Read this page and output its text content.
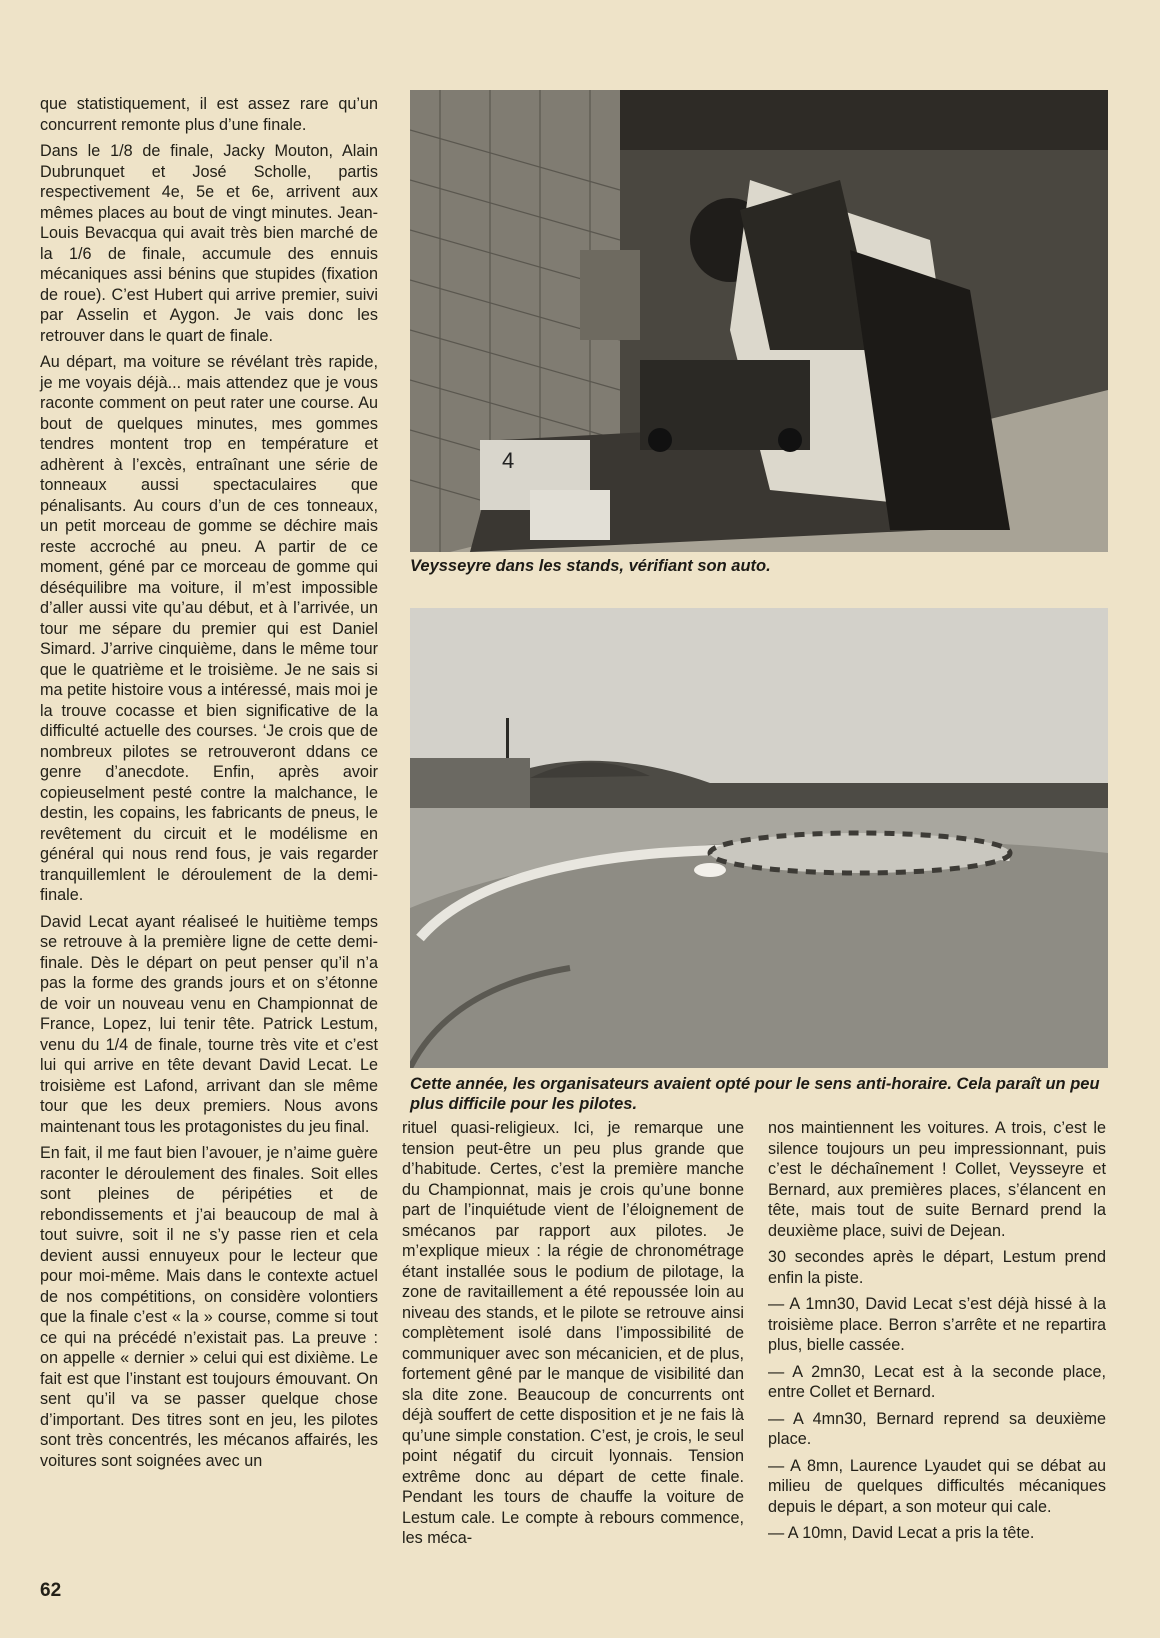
que statistiquement, il est assez rare qu’un concurrent remonte plus d’une finale.

Dans le 1/8 de finale, Jacky Mouton, Alain Dubrunquet et José Scholle, partis respectivement 4e, 5e et 6e, arrivent aux mêmes places au bout de vingt minutes. Jean-Louis Bevacqua qui avait très bien marché de la 1/6 de finale, accumule des ennuis mécaniques assi bénins que stupides (fixation de roue). C’est Hubert qui arrive premier, suivi par Asselin et Aygon. Je vais donc les retrouver dans le quart de finale.

Au départ, ma voiture se révélant très rapide, je me voyais déjà... mais attendez que je vous raconte comment on peut rater une course. Au bout de quelques minutes, mes gommes tendres montent trop en température et adhèrent à l’excès, entraînant une série de tonneaux aussi spectaculaires que pénalisants. Au cours d’un de ces tonneaux, un petit morceau de gomme se déchire mais reste accroché au pneu. A partir de ce moment, géné par ce morceau de gomme qui déséquilibre ma voiture, il m’est impossible d’aller aussi vite qu’au début, et à l’arrivée, un tour me sépare du premier qui est Daniel Simard. J’arrive cinquième, dans le même tour que le quatrième et le troisième. Je ne sais si ma petite histoire vous a intéressé, mais moi je la trouve cocasse et bien significative de la difficulté actuelle des courses. ‘Je crois que de nombreux pilotes se retrouveront ddans ce genre d’anecdote. Enfin, après avoir copieuselment pesté contre la malchance, le destin, les copains, les fabricants de pneus, le revêtement du circuit et le modélisme en général qui nous rend fous, je vais regarder tranquillemlent le déroulement de la demi-finale.

David Lecat ayant réaliseé le huitième temps se retrouve à la première ligne de cette demi-finale. Dès le départ on peut penser qu’il n’a pas la forme des grands jours et on s’étonne de voir un nouveau venu en Championnat de France, Lopez, lui tenir tête. Patrick Lestum, venu du 1/4 de finale, tourne très vite et c’est lui qui arrive en tête devant David Lecat. Le troisième est Lafond, arrivant dan sle même tour que les deux premiers. Nous avons maintenant tous les protagonistes du jeu final.

En fait, il me faut bien l’avouer, je n’aime guère raconter le déroulement des finales. Soit elles sont pleines de péripéties et de rebondissements et j’ai beaucoup de mal à tout suivre, soit il ne s’y passe rien et cela devient aussi ennuyeux pour le lecteur que pour moi-même. Mais dans le contexte actuel de nos compétitions, on considère volontiers que la finale c’est « la » course, comme si tout ce qui na précédé n’existait pas. La preuve : on appelle « dernier » celui qui est dixième. Le fait est que l’instant est toujours émouvant. On sent qu’il va se passer quelque chose d’important. Des titres sont en jeu, les pilotes sont très concentrés, les mécanos affairés, les voitures sont soignées avec un

4
Veysseyre dans les stands, vérifiant son auto.
Cette année, les organisateurs avaient opté pour le sens anti-horaire. Cela paraît un peu plus difficile pour les pilotes.

rituel quasi-religieux. Ici, je remarque une tension peut-être un peu plus grande que d’habitude. Certes, c’est la première manche du Championnat, mais je crois qu’une bonne part de l’inquiétude vient de l’éloignement de smécanos par rapport aux pilotes. Je m’explique mieux : la régie de chronométrage étant installée sous le podium de pilotage, la zone de ravitaillement a été repoussée loin au niveau des stands, et le pilote se retrouve ainsi complètement isolé dans l’impossibilité de communiquer avec son mécanicien, et de plus, fortement gêné par le manque de visibilité dan sla dite zone. Beaucoup de concurrents ont déjà souffert de cette disposition et je ne fais là qu’une simple constation. C’est, je crois, le seul point négatif du circuit lyonnais. Tension extrême donc au départ de cette finale. Pendant les tours de chauffe la voiture de Lestum cale. Le compte à rebours commence, les méca-

nos maintiennent les voitures. A trois, c’est le silence toujours un peu impressionnant, puis c’est le déchaînement ! Collet, Veysseyre et Bernard, aux premières places, s’élancent en tête, mais tout de suite Bernard prend la deuxième place, suivi de Dejean.

30 secondes après le départ, Lestum prend enfin la piste.

— A 1mn30, David Lecat s’est déjà hissé à la troisième place. Berron s’arrête et ne repartira plus, bielle cassée.

— A 2mn30, Lecat est à la seconde place, entre Collet et Bernard.

— A 4mn30, Bernard reprend sa deuxième place.

— A 8mn, Laurence Lyaudet qui se débat au milieu de quelques difficultés mécaniques depuis le départ, a son moteur qui cale.

— A 10mn, David Lecat a pris la tête.

62
